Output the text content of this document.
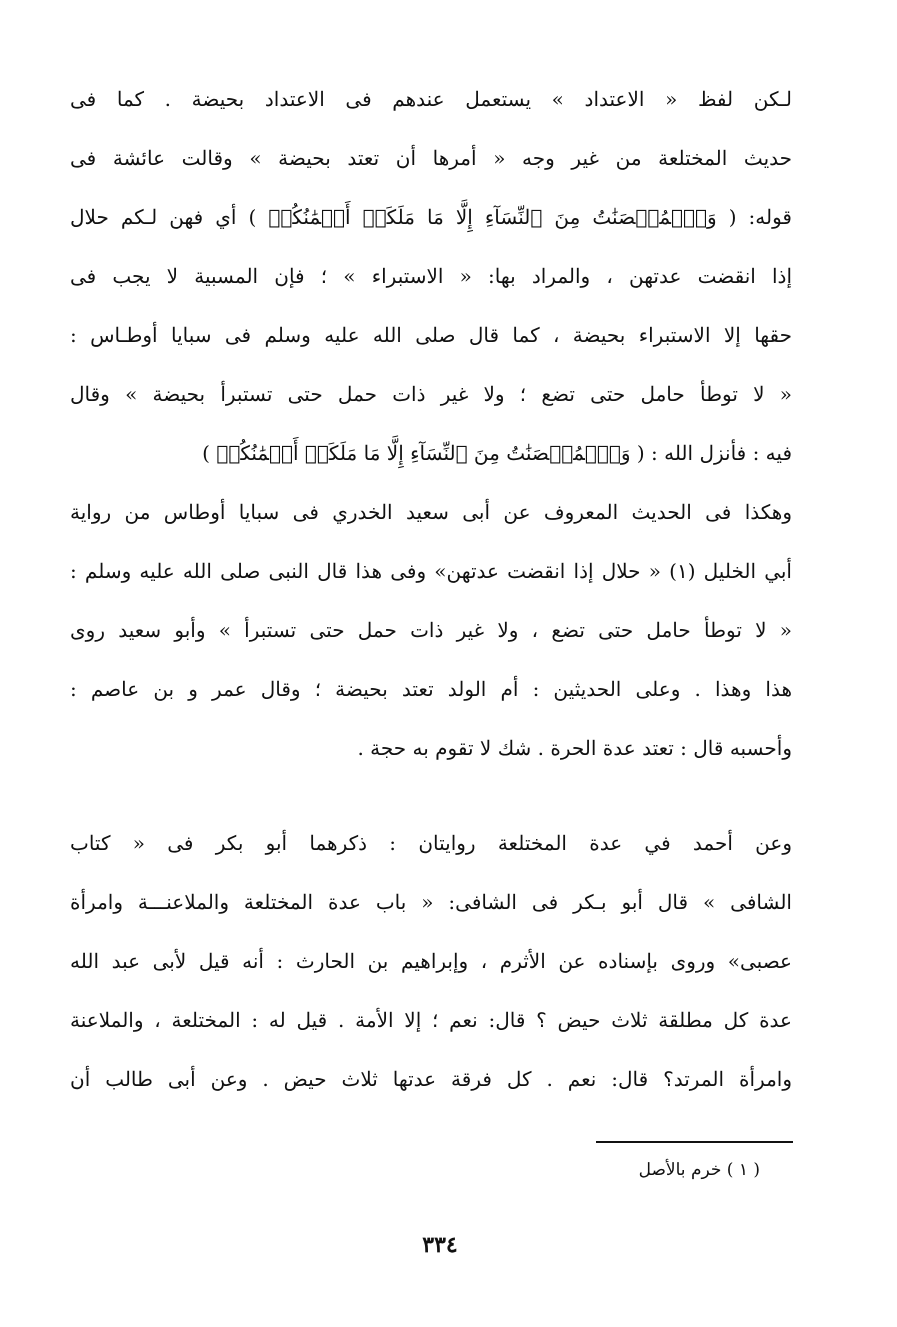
لـكن لفظ « الاعتداد » يستعمل عندهم فى الاعتداد بحيضة . كما فى
حديث المختلعة من غير وجه « أمرها أن تعتد بحيضة » وقالت عائشة فى
قوله: ( وَٱلۡمُحۡصَنَٰتُ مِنَ ٱلنِّسَآءِ إِلَّا مَا مَلَكَتۡ أَيۡمَٰنُكُمۡ ) أي فهن لـكم حلال
إذا انقضت عدتهن ، والمراد بها: « الاستبراء » ؛ فإن المسبية لا يجب فى
حقها إلا الاستبراء بحيضة ، كما قال صلى الله عليه وسلم فى سبايا أوطـاس :
« لا توطأ حامل حتى تضع ؛ ولا غير ذات حمل حتى تستبرأ بحيضة » وقال
فيه : فأنزل الله : ( وَٱلۡمُحۡصَنَٰتُ مِنَ ٱلنِّسَآءِ إِلَّا مَا مَلَكَتۡ أَيۡمَٰنُكُمۡ )
وهكذا فى الحديث المعروف عن أبى سعيد الخدري فى سبايا أوطاس من رواية
أبي الخليل (١) « حلال إذا انقضت عدتهن» وفى هذا قال النبى صلى الله عليه وسلم :
« لا توطأ حامل حتى تضع ، ولا غير ذات حمل حتى تستبرأ » وأبو سعيد روى
هذا وهذا . وعلى الحديثين : أم الولد تعتد بحيضة ؛ وقال عمر و بن عاصم :
وأحسبه قال : تعتد عدة الحرة . شك لا تقوم به حجة .
وعن أحمد في عدة المختلعة روايتان : ذكرهما أبو بكر فى « كتاب
الشافى » قال أبو بـكر فى الشافى: « باب عدة المختلعة والملاعنـــة وامرأة
عصبى» وروى بإسناده عن الأثرم ، وإبراهيم بن الحارث : أنه قيل لأبى عبد الله
عدة كل مطلقة ثلاث حيض ؟ قال: نعم ؛ إلا الأمة . قيل له : المختلعة ، والملاعنة
وامرأة المرتد؟ قال: نعم . كل فرقة عدتها ثلاث حيض . وعن أبى طالب أن
( ١ ) خرم بالأصل
٣٣٤
